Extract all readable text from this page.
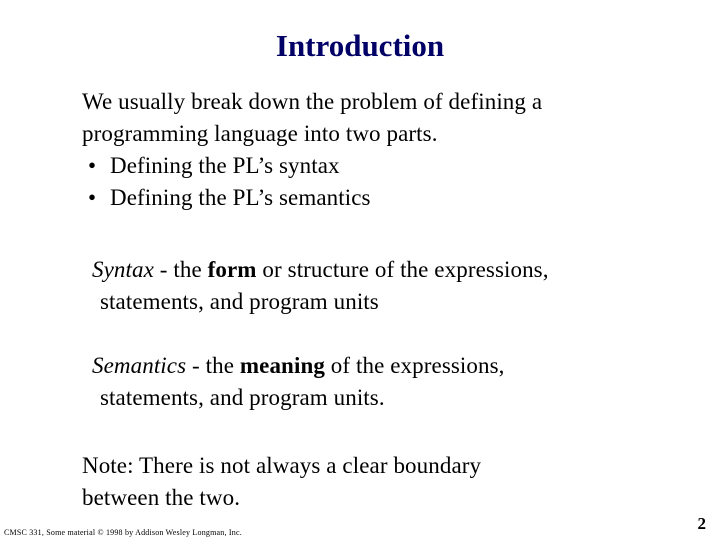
Introduction
We usually break down the problem of defining a
programming language into two parts.
• Defining the PL’s syntax
• Defining the PL’s semantics
Syntax - the form or structure of the expressions,
statements, and program units
Semantics - the meaning of the expressions,
statements, and program units.
Note: There is not always a clear boundary
between the two.
CMSC 331, Some material © 1998 by Addison Wesley Longman, Inc.	2
